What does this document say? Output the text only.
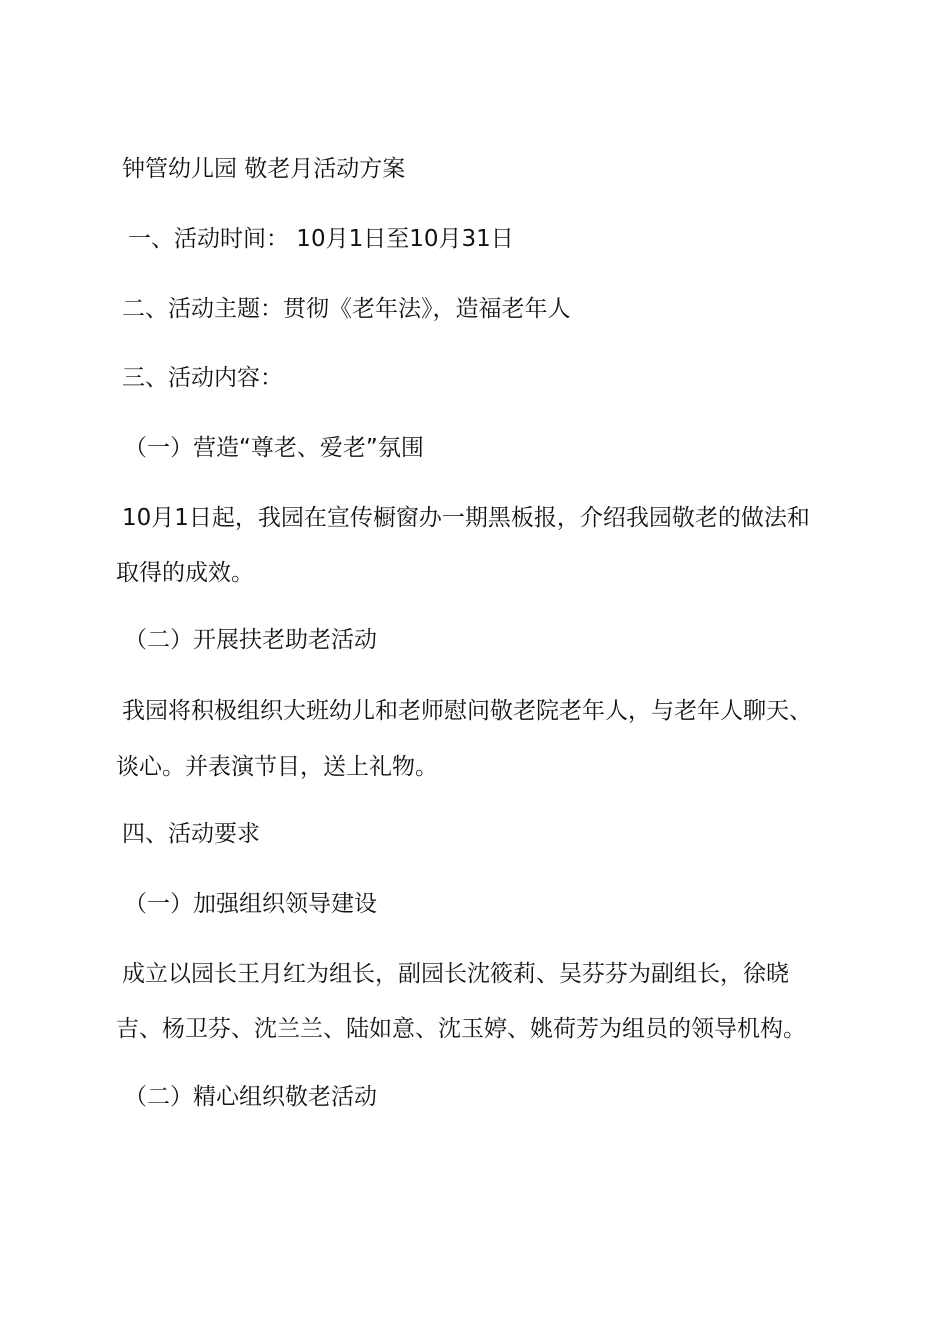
钟管幼儿园 敬老月活动方案
一、活动时间： 10月1日至10月31日
二、活动主题：贯彻《老年法》，造福老年人
三、活动内容：
（一）营造“尊老、爱老”氛围
10月1日起，我园在宣传橱窗办一期黑板报，介绍我园敬老的做法和
取得的成效。
（二）开展扶老助老活动
我园将积极组织大班幼儿和老师慰问敬老院老年人，与老年人聊天、
谈心。并表演节目，送上礼物。
四、活动要求
（一）加强组织领导建设
成立以园长王月红为组长，副园长沈筱莉、吴芬芬为副组长，徐晓
吉、杨卫芬、沈兰兰、陆如意、沈玉婷、姚荷芳为组员的领导机构。
（二）精心组织敬老活动
